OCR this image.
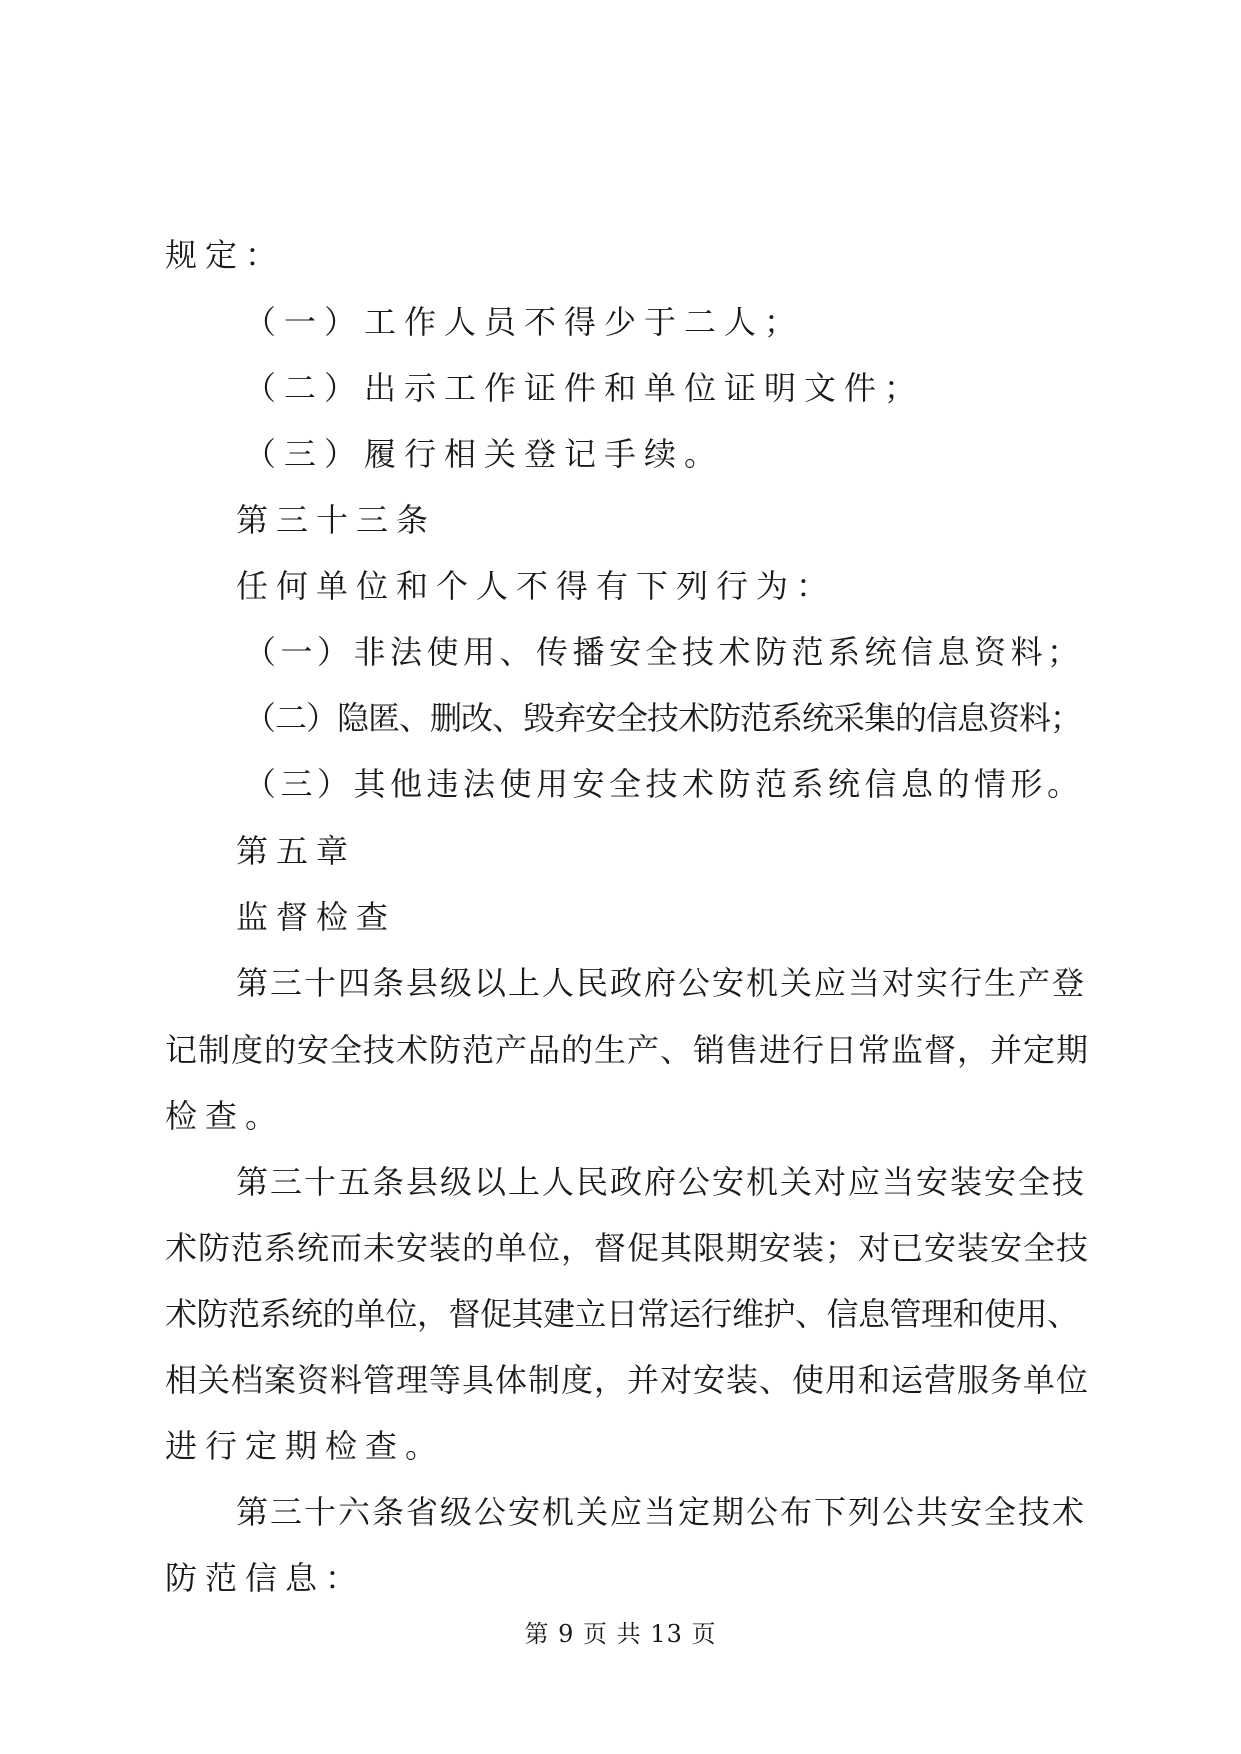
规定：
（一）工作人员不得少于二人；
（二）出示工作证件和单位证明文件；
（三）履行相关登记手续。
第三十三条
任何单位和个人不得有下列行为：
（一）非法使用、传播安全技术防范系统信息资料；
（二）隐匿、删改、毁弃安全技术防范系统采集的信息资料；
（三）其他违法使用安全技术防范系统信息的情形。
第五章
监督检查
第三十四条县级以上人民政府公安机关应当对实行生产登
记制度的安全技术防范产品的生产、销售进行日常监督，并定期
检查。
第三十五条县级以上人民政府公安机关对应当安装安全技
术防范系统而未安装的单位，督促其限期安装；对已安装安全技
术防范系统的单位，督促其建立日常运行维护、信息管理和使用、
相关档案资料管理等具体制度，并对安装、使用和运营服务单位
进行定期检查。
第三十六条省级公安机关应当定期公布下列公共安全技术
防范信息：
第 9 页 共 13 页
